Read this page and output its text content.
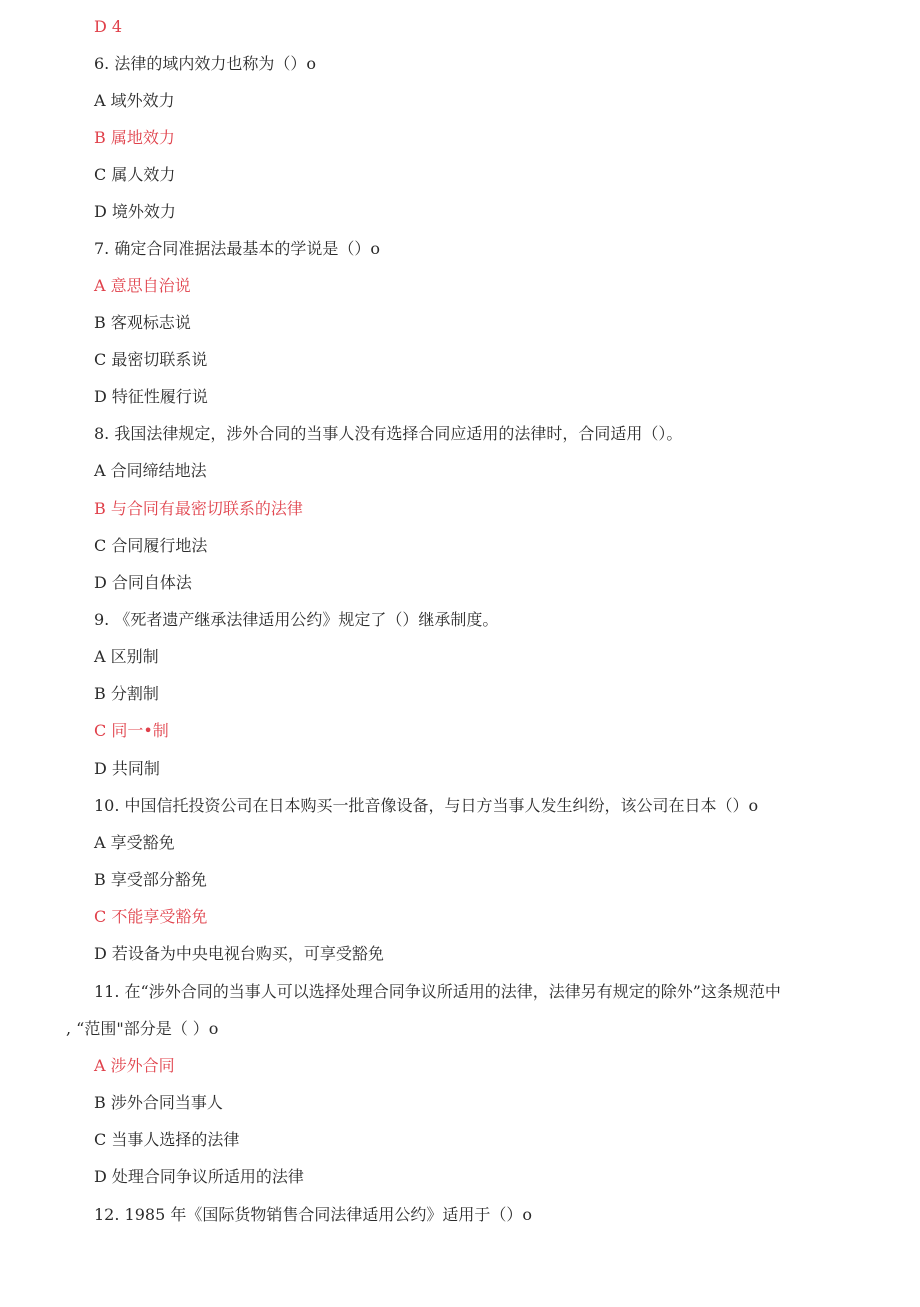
D 4
6. 法律的域内效力也称为（）o
A 域外效力
B 属地效力
C 属人效力
D 境外效力
7. 确定合同准据法最基本的学说是（）o
A 意思自治说
B 客观标志说
C 最密切联系说
D 特征性履行说
8. 我国法律规定，涉外合同的当事人没有选择合同应适用的法律时，合同适用（）。
A 合同缔结地法
B 与合同有最密切联系的法律
C 合同履行地法
D 合同自体法
9. 《死者遗产继承法律适用公约》规定了（）继承制度。
A 区别制
B 分割制
C 同一•制
D 共同制
10. 中国信托投资公司在日本购买一批音像设备，与日方当事人发生纠纷，该公司在日本（）o
A 享受豁免
B 享受部分豁免
C 不能享受豁免
D 若设备为中央电视台购买，可享受豁免
11. 在“涉外合同的当事人可以选择处理合同争议所适用的法律，法律另有规定的除外”这条规范中
, “范围"部分是（ ）o
A 涉外合同
B 涉外合同当事人
C 当事人选择的法律
D 处理合同争议所适用的法律
12. 1985 年《国际货物销售合同法律适用公约》适用于（）o
